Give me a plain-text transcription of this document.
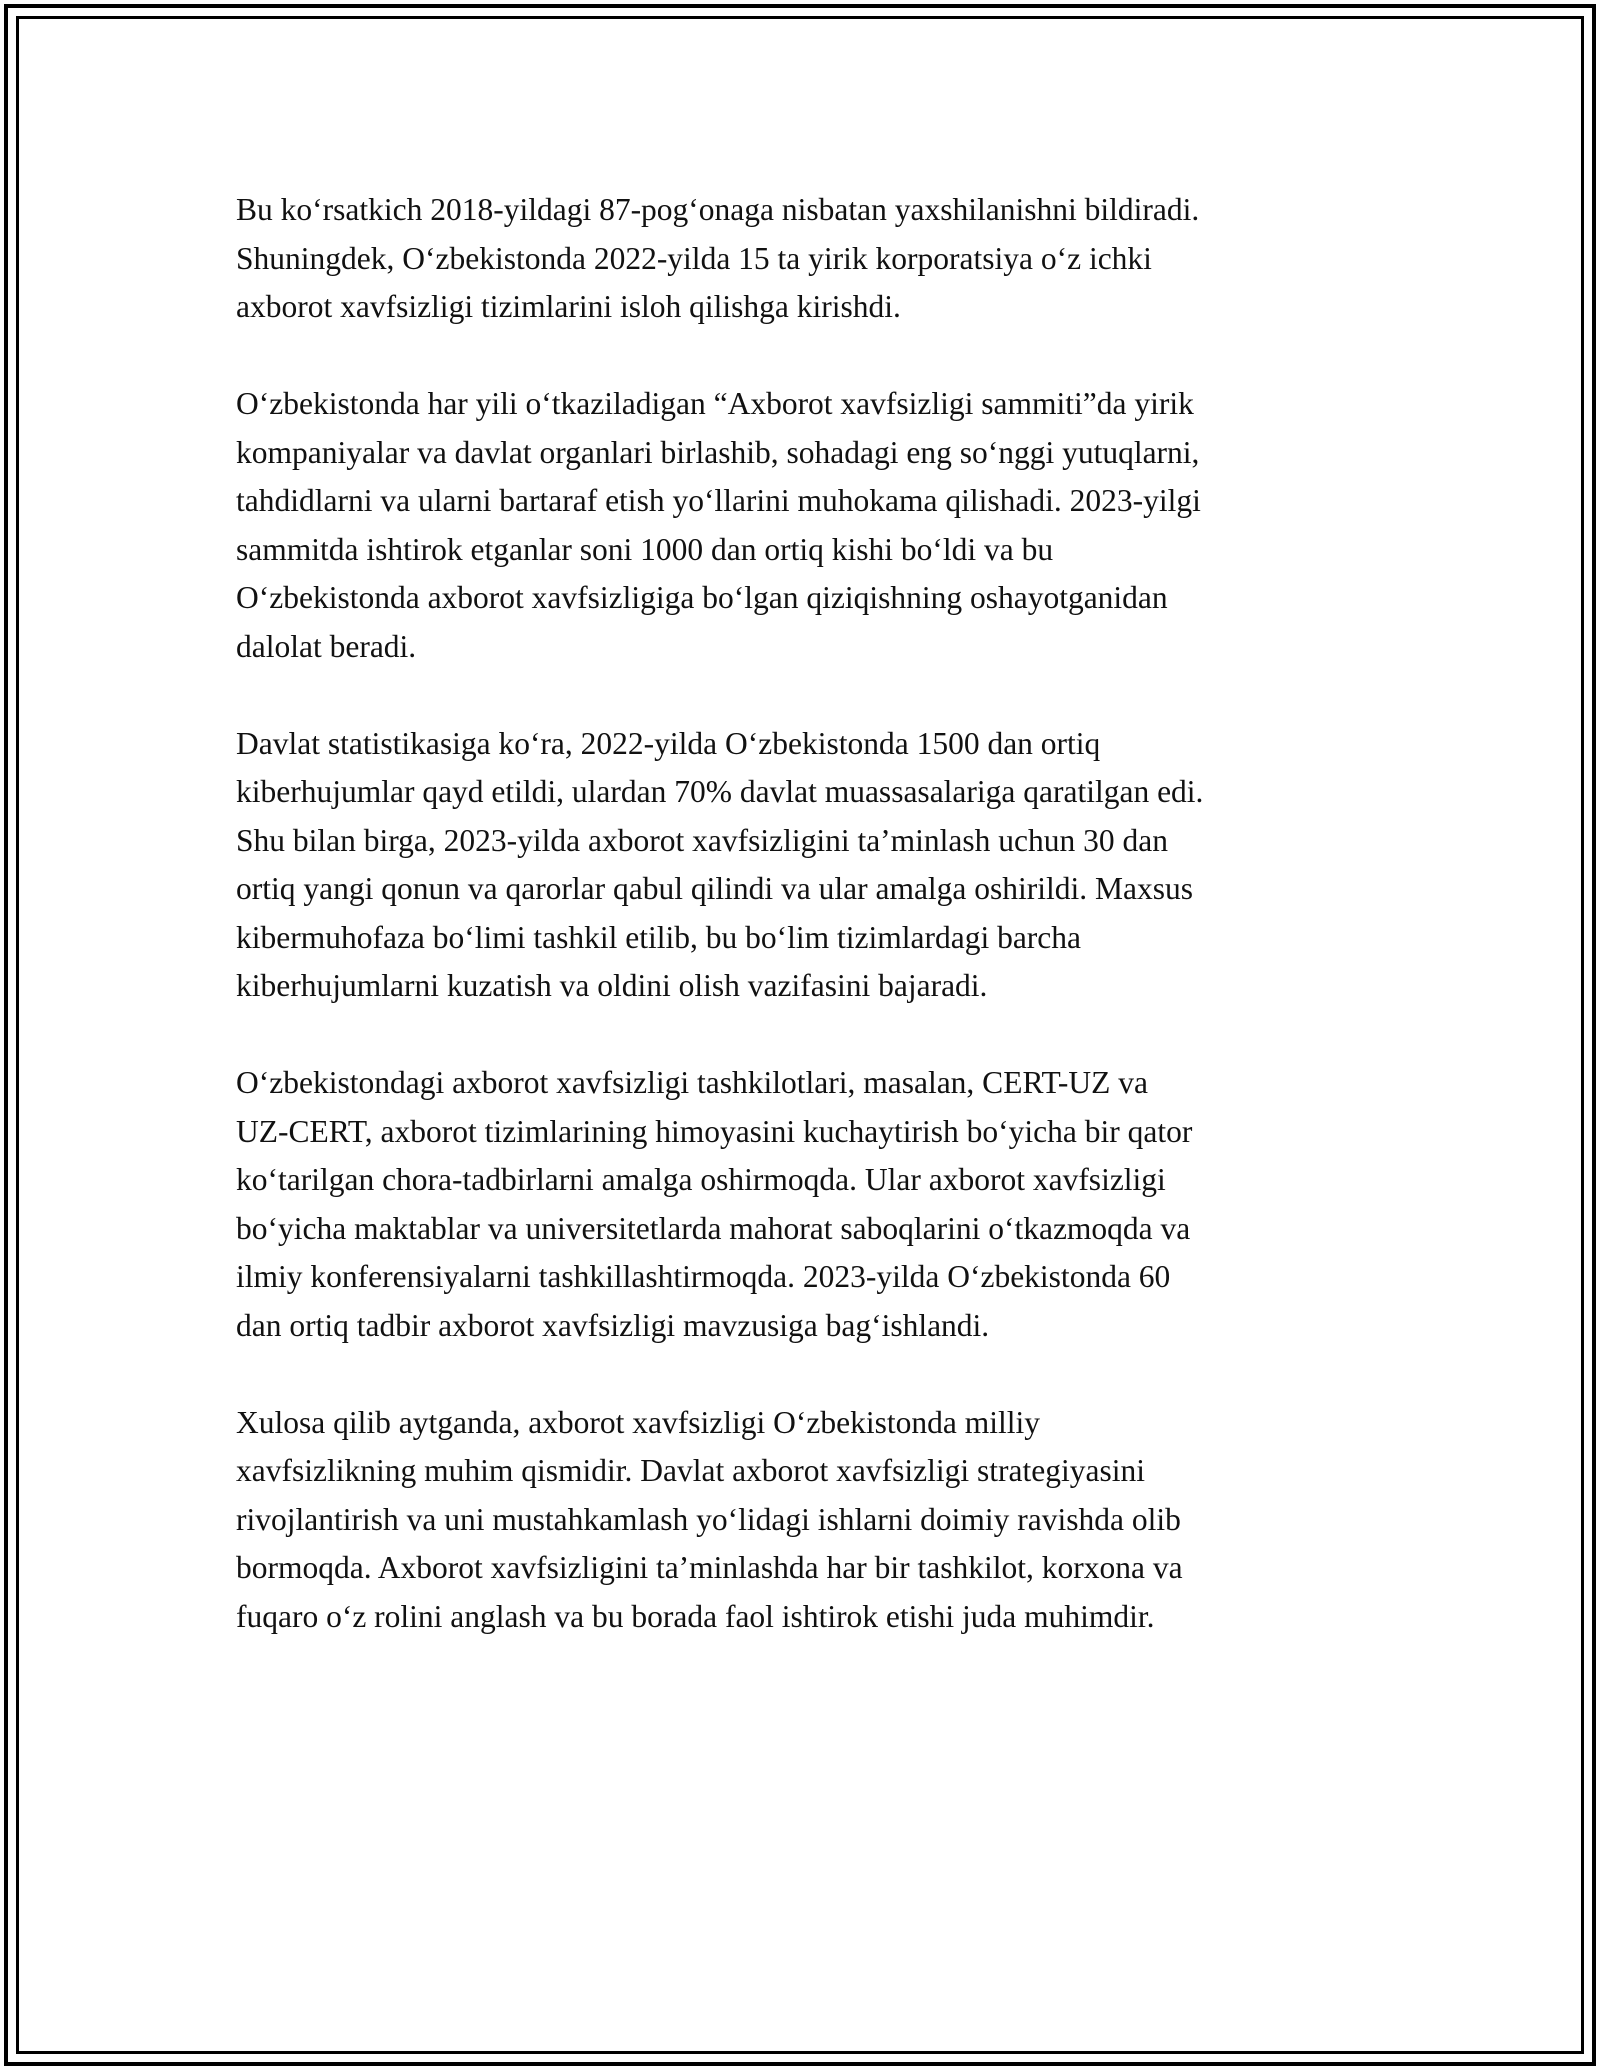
Bu ko‘rsatkich 2018-yildagi 87-pog‘onaga nisbatan yaxshilanishni bildiradi.
Shuningdek, O‘zbekistonda 2022-yilda 15 ta yirik korporatsiya o‘z ichki
axborot xavfsizligi tizimlarini isloh qilishga kirishdi.

O‘zbekistonda har yili o‘tkaziladigan “Axborot xavfsizligi sammiti”da yirik
kompaniyalar va davlat organlari birlashib, sohadagi eng so‘nggi yutuqlarni,
tahdidlarni va ularni bartaraf etish yo‘llarini muhokama qilishadi. 2023-yilgi
sammitda ishtirok etganlar soni 1000 dan ortiq kishi bo‘ldi va bu
O‘zbekistonda axborot xavfsizligiga bo‘lgan qiziqishning oshayotganidan
dalolat beradi.

Davlat statistikasiga ko‘ra, 2022-yilda O‘zbekistonda 1500 dan ortiq
kiberhujumlar qayd etildi, ulardan 70% davlat muassasalariga qaratilgan edi.
Shu bilan birga, 2023-yilda axborot xavfsizligini ta’minlash uchun 30 dan
ortiq yangi qonun va qarorlar qabul qilindi va ular amalga oshirildi. Maxsus
kibermuhofaza bo‘limi tashkil etilib, bu bo‘lim tizimlardagi barcha
kiberhujumlarni kuzatish va oldini olish vazifasini bajaradi.

O‘zbekistondagi axborot xavfsizligi tashkilotlari, masalan, CERT-UZ va
UZ-CERT, axborot tizimlarining himoyasini kuchaytirish bo‘yicha bir qator
ko‘tarilgan chora-tadbirlarni amalga oshirmoqda. Ular axborot xavfsizligi
bo‘yicha maktablar va universitetlarda mahorat saboqlarini o‘tkazmoqda va
ilmiy konferensiyalarni tashkillashtirmoqda. 2023-yilda O‘zbekistonda 60
dan ortiq tadbir axborot xavfsizligi mavzusiga bag‘ishlandi.

Xulosa qilib aytganda, axborot xavfsizligi O‘zbekistonda milliy
xavfsizlikning muhim qismidir. Davlat axborot xavfsizligi strategiyasini
rivojlantirish va uni mustahkamlash yo‘lidagi ishlarni doimiy ravishda olib
bormoqda. Axborot xavfsizligini ta’minlashda har bir tashkilot, korxona va
fuqaro o‘z rolini anglash va bu borada faol ishtirok etishi juda muhimdir.
